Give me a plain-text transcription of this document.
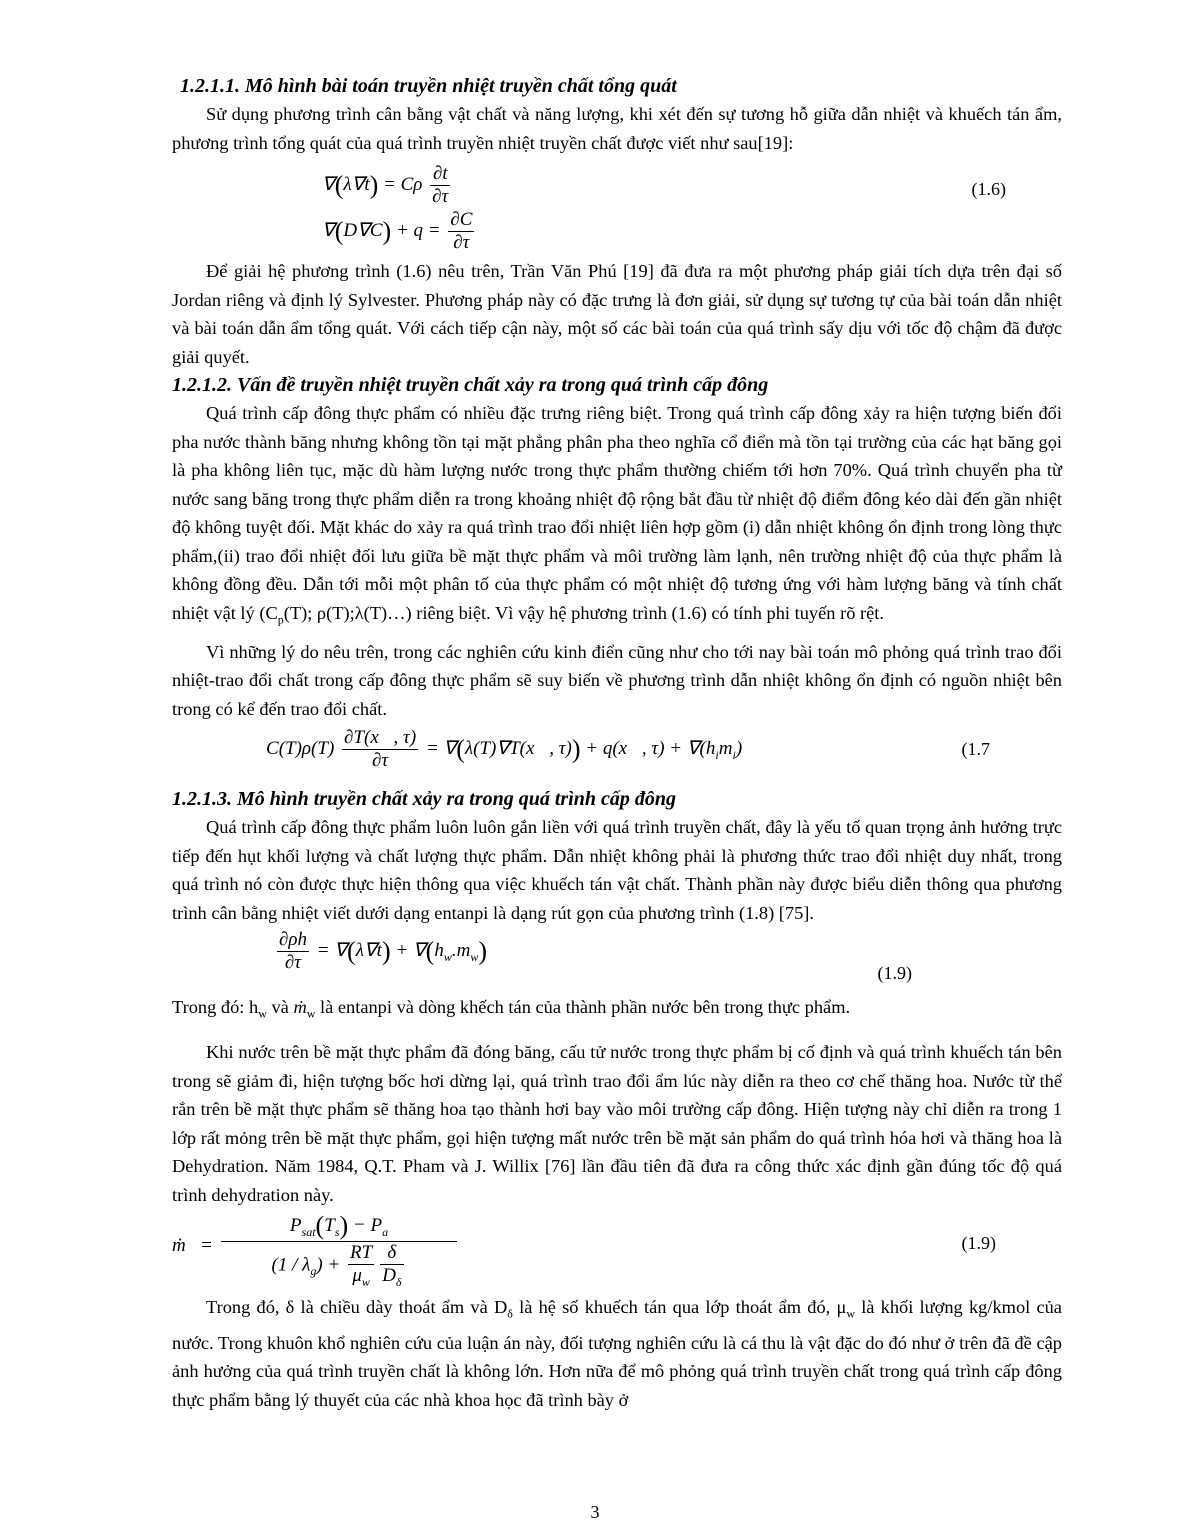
1.2.1.1. Mô hình bài toán truyền nhiệt truyền chất tổng quát

Sử dụng phương trình cân bằng vật chất và năng lượng, khi xét đến sự tương hỗ giữa dẫn nhiệt và khuếch tán ẩm, phương trình tổng quát của quá trình truyền nhiệt truyền chất được viết như sau[19]:

∇(λ∇t) = Cρ $\frac{\partial t}{\partial\tau}$
$\nabla(D\nabla C) + q = \frac{\partial C}{\partial\tau}$
(1.6)

Để giải hệ phương trình (1.6) nêu trên, Trần Văn Phú [19] đã đưa ra một phương pháp giải tích dựa trên đại số Jordan riêng và định lý Sylvester. Phương pháp này có đặc trưng là đơn giải, sử dụng sự tương tự của bài toán dẫn nhiệt và bài toán dẫn ẩm tổng quát. Với cách tiếp cận này, một số các bài toán của quá trình sấy dịu với tốc độ chậm đã được giải quyết.

1.2.1.2. Vấn đề truyền nhiệt truyền chất xảy ra trong quá trình cấp đông

Quá trình cấp đông thực phẩm có nhiều đặc trưng riêng biệt. Trong quá trình cấp đông xảy ra hiện tượng biến đổi pha nước thành băng nhưng không tồn tại mặt phẳng phân pha theo nghĩa cổ điển mà tồn tại trường của các hạt băng gọi là pha không liên tục, mặc dù hàm lượng nước trong thực phẩm thường chiếm tới hơn 70%. Quá trình chuyển pha từ nước sang băng trong thực phẩm diễn ra trong khoảng nhiệt độ rộng bắt đầu từ nhiệt độ điểm đông kéo dài đến gần nhiệt độ không tuyệt đối. Mặt khác do xảy ra quá trình trao đổi nhiệt liên hợp gồm (i) dẫn nhiệt không ổn định trong lòng thực phẩm,(ii) trao đổi nhiệt đối lưu giữa bề mặt thực phẩm và môi trường làm lạnh, nên trường nhiệt độ của thực phẩm là không đồng đều. Dẫn tới mỗi một phân tố của thực phẩm có một nhiệt độ tương ứng với hàm lượng băng và tính chất nhiệt vật lý ($C_p(T)$; ρ(T);λ(T)…) riêng biệt. Vì vậy hệ phương trình (1.6) có tính phi tuyến rõ rệt.

Vì những lý do nêu trên, trong các nghiên cứu kinh điển cũng như cho tới nay bài toán mô phỏng quá trình trao đổi nhiệt-trao đổi chất trong cấp đông thực phẩm sẽ suy biến về phương trình dẫn nhiệt không ổn định có nguồn nhiệt bên trong có kể đến trao đổi chất.

$C(T)\rho(T) \frac{\partial T(x⃗, \tau)}{\partial\tau}$ = ∇(λ(T)∇T(x⃗, τ)) + q(x⃗, $\tau) + \nabla(h_im_i)$	(1.7

1.2.1.3. Mô hình truyền chất xảy ra trong quá trình cấp đông

Quá trình cấp đông thực phẩm luôn luôn gắn liền với quá trình truyền chất, đây là yếu tố quan trọng ảnh hưởng trực tiếp đến hụt khối lượng và chất lượng thực phẩm. Dẫn nhiệt không phải là phương thức trao đổi nhiệt duy nhất, trong quá trình nó còn được thực hiện thông qua việc khuếch tán vật chất. Thành phần này được biểu diễn thông qua phương trình cân bằng nhiệt viết dưới dạng entanpi là dạng rút gọn của phương trình (1.8) [75].

$\frac{\partial\rho h}{\partial\tau} = \nabla(\lambda\nabla t) + \nabla(h_w.m_w)$
(1.9)

Trong đó: $h_w$ và ṁ$_w$ là entanpi và dòng khếch tán của thành phần nước bên trong thực phẩm.

Khi nước trên bề mặt thực phẩm đã đóng băng, cấu tử nước trong thực phẩm bị cố định và quá trình khuếch tán bên trong sẽ giảm đi, hiện tượng bốc hơi dừng lại, quá trình trao đổi ẩm lúc này diễn ra theo cơ chế thăng hoa. Nước từ thể rắn trên bề mặt thực phẩm sẽ thăng hoa tạo thành hơi bay vào môi trường cấp đông. Hiện tượng này chỉ diễn ra trong 1 lớp rất mỏng trên bề mặt thực phẩm, gọi hiện tượng mất nước trên bề mặt sản phẩm do quá trình hóa hơi và thăng hoa là Dehydration. Năm 1984, Q.T. Pham và J. Willix [76] lần đầu tiên đã đưa ra công thức xác định gần đúng tốc độ quá trình dehydration này.

ṁ   = $\frac{P_{sat}(T_s) - P_a}{(1 / \lambda_g) + \frac{RT}{\mu_w} \frac{\delta}{D_\delta}}$	(1.9)

Trong đó, δ là chiều dày thoát ẩm và $D_\delta$ là hệ số khuếch tán qua lớp thoát ẩm đó, $\mu_w$ là khối lượng kg/kmol của nước. Trong khuôn khổ nghiên cứu của luận án này, đối tượng nghiên cứu là cá thu là vật đặc do đó như ở trên đã đề cập ảnh hưởng của quá trình truyền chất là không lớn. Hơn nữa để mô phỏng quá trình truyền chất trong quá trình cấp đông thực phẩm bằng lý thuyết của các nhà khoa học đã trình bày ở

3
